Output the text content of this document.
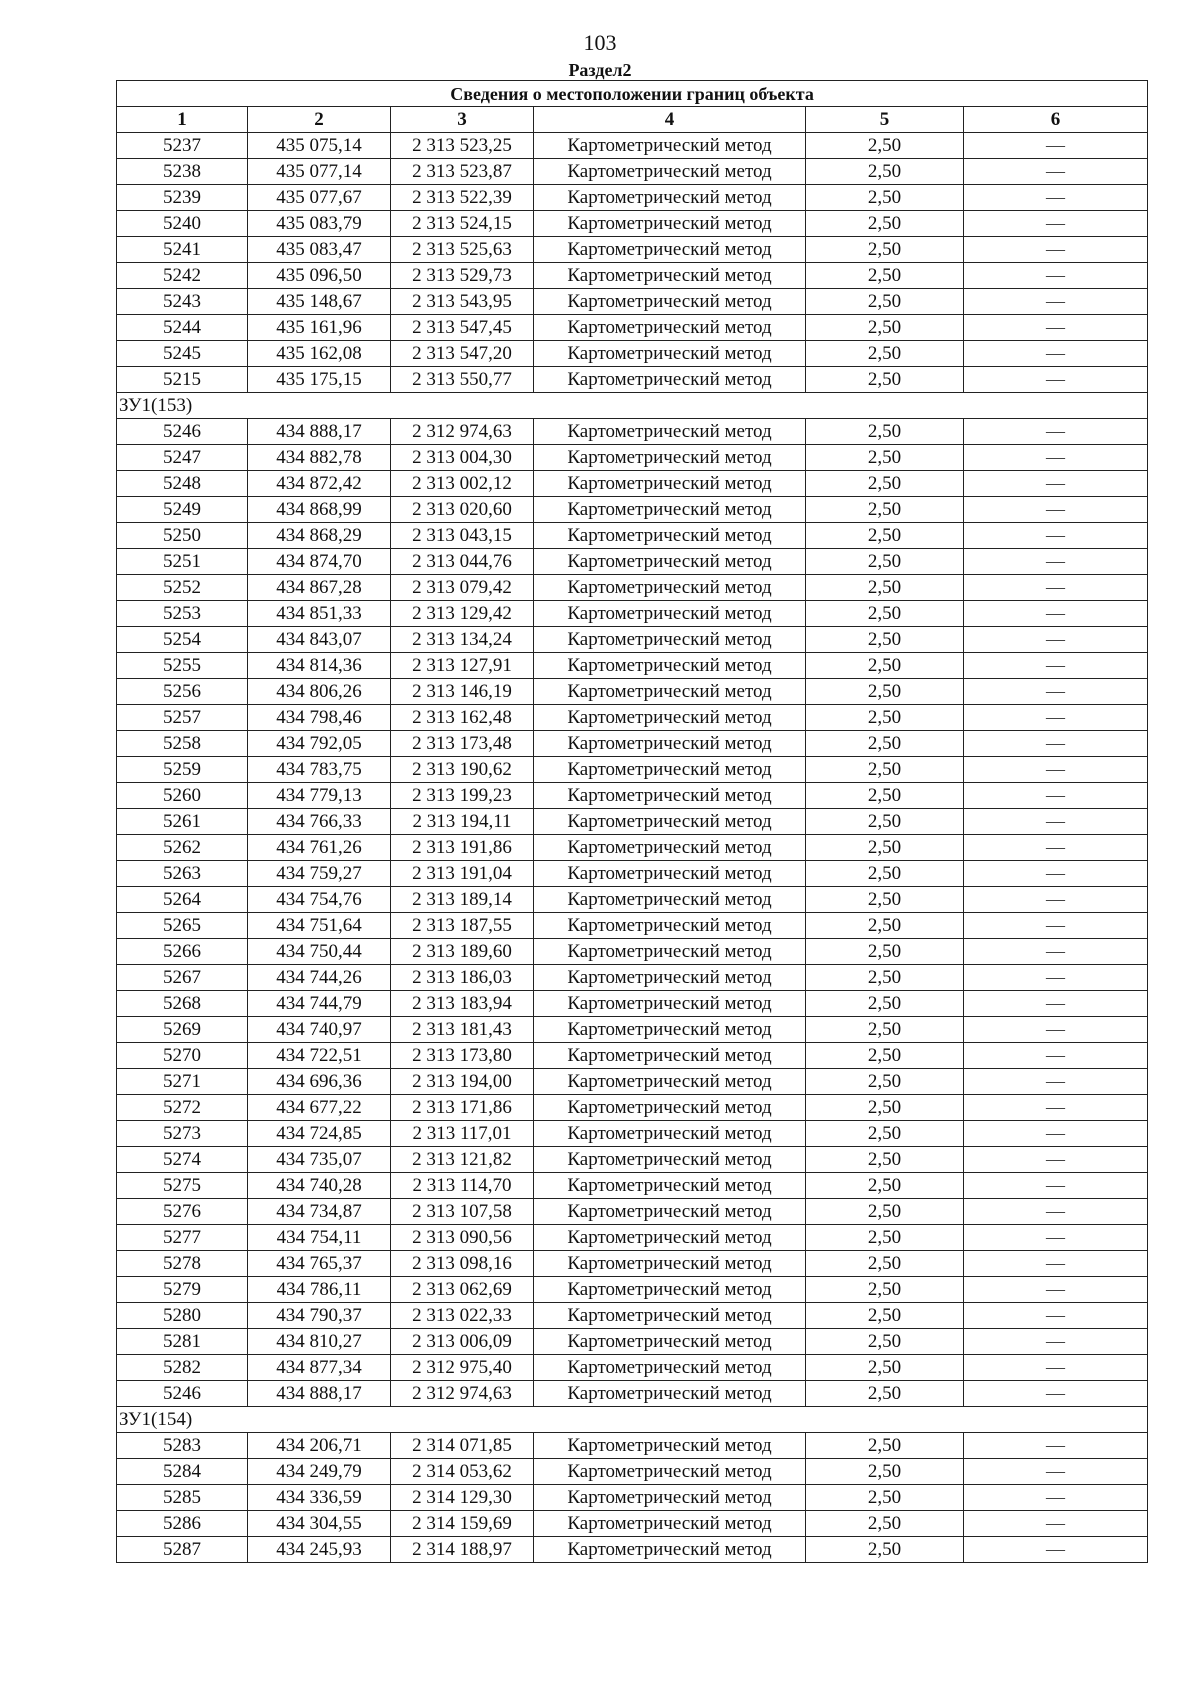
103
Раздел2
Сведения о местоположении границ объекта					
1	2	3	4	5	6
5237	435 075,14	2 313 523,25	Картометрический метод	2,50	—
5238	435 077,14	2 313 523,87	Картометрический метод	2,50	—
5239	435 077,67	2 313 522,39	Картометрический метод	2,50	—
5240	435 083,79	2 313 524,15	Картометрический метод	2,50	—
5241	435 083,47	2 313 525,63	Картометрический метод	2,50	—
5242	435 096,50	2 313 529,73	Картометрический метод	2,50	—
5243	435 148,67	2 313 543,95	Картометрический метод	2,50	—
5244	435 161,96	2 313 547,45	Картометрический метод	2,50	—
5245	435 162,08	2 313 547,20	Картометрический метод	2,50	—
5215	435 175,15	2 313 550,77	Картометрический метод	2,50	—
ЗУ1(153)					
5246	434 888,17	2 312 974,63	Картометрический метод	2,50	—
5247	434 882,78	2 313 004,30	Картометрический метод	2,50	—
5248	434 872,42	2 313 002,12	Картометрический метод	2,50	—
5249	434 868,99	2 313 020,60	Картометрический метод	2,50	—
5250	434 868,29	2 313 043,15	Картометрический метод	2,50	—
5251	434 874,70	2 313 044,76	Картометрический метод	2,50	—
5252	434 867,28	2 313 079,42	Картометрический метод	2,50	—
5253	434 851,33	2 313 129,42	Картометрический метод	2,50	—
5254	434 843,07	2 313 134,24	Картометрический метод	2,50	—
5255	434 814,36	2 313 127,91	Картометрический метод	2,50	—
5256	434 806,26	2 313 146,19	Картометрический метод	2,50	—
5257	434 798,46	2 313 162,48	Картометрический метод	2,50	—
5258	434 792,05	2 313 173,48	Картометрический метод	2,50	—
5259	434 783,75	2 313 190,62	Картометрический метод	2,50	—
5260	434 779,13	2 313 199,23	Картометрический метод	2,50	—
5261	434 766,33	2 313 194,11	Картометрический метод	2,50	—
5262	434 761,26	2 313 191,86	Картометрический метод	2,50	—
5263	434 759,27	2 313 191,04	Картометрический метод	2,50	—
5264	434 754,76	2 313 189,14	Картометрический метод	2,50	—
5265	434 751,64	2 313 187,55	Картометрический метод	2,50	—
5266	434 750,44	2 313 189,60	Картометрический метод	2,50	—
5267	434 744,26	2 313 186,03	Картометрический метод	2,50	—
5268	434 744,79	2 313 183,94	Картометрический метод	2,50	—
5269	434 740,97	2 313 181,43	Картометрический метод	2,50	—
5270	434 722,51	2 313 173,80	Картометрический метод	2,50	—
5271	434 696,36	2 313 194,00	Картометрический метод	2,50	—
5272	434 677,22	2 313 171,86	Картометрический метод	2,50	—
5273	434 724,85	2 313 117,01	Картометрический метод	2,50	—
5274	434 735,07	2 313 121,82	Картометрический метод	2,50	—
5275	434 740,28	2 313 114,70	Картометрический метод	2,50	—
5276	434 734,87	2 313 107,58	Картометрический метод	2,50	—
5277	434 754,11	2 313 090,56	Картометрический метод	2,50	—
5278	434 765,37	2 313 098,16	Картометрический метод	2,50	—
5279	434 786,11	2 313 062,69	Картометрический метод	2,50	—
5280	434 790,37	2 313 022,33	Картометрический метод	2,50	—
5281	434 810,27	2 313 006,09	Картометрический метод	2,50	—
5282	434 877,34	2 312 975,40	Картометрический метод	2,50	—
5246	434 888,17	2 312 974,63	Картометрический метод	2,50	—
ЗУ1(154)					
5283	434 206,71	2 314 071,85	Картометрический метод	2,50	—
5284	434 249,79	2 314 053,62	Картометрический метод	2,50	—
5285	434 336,59	2 314 129,30	Картометрический метод	2,50	—
5286	434 304,55	2 314 159,69	Картометрический метод	2,50	—
5287	434 245,93	2 314 188,97	Картометрический метод	2,50	—
